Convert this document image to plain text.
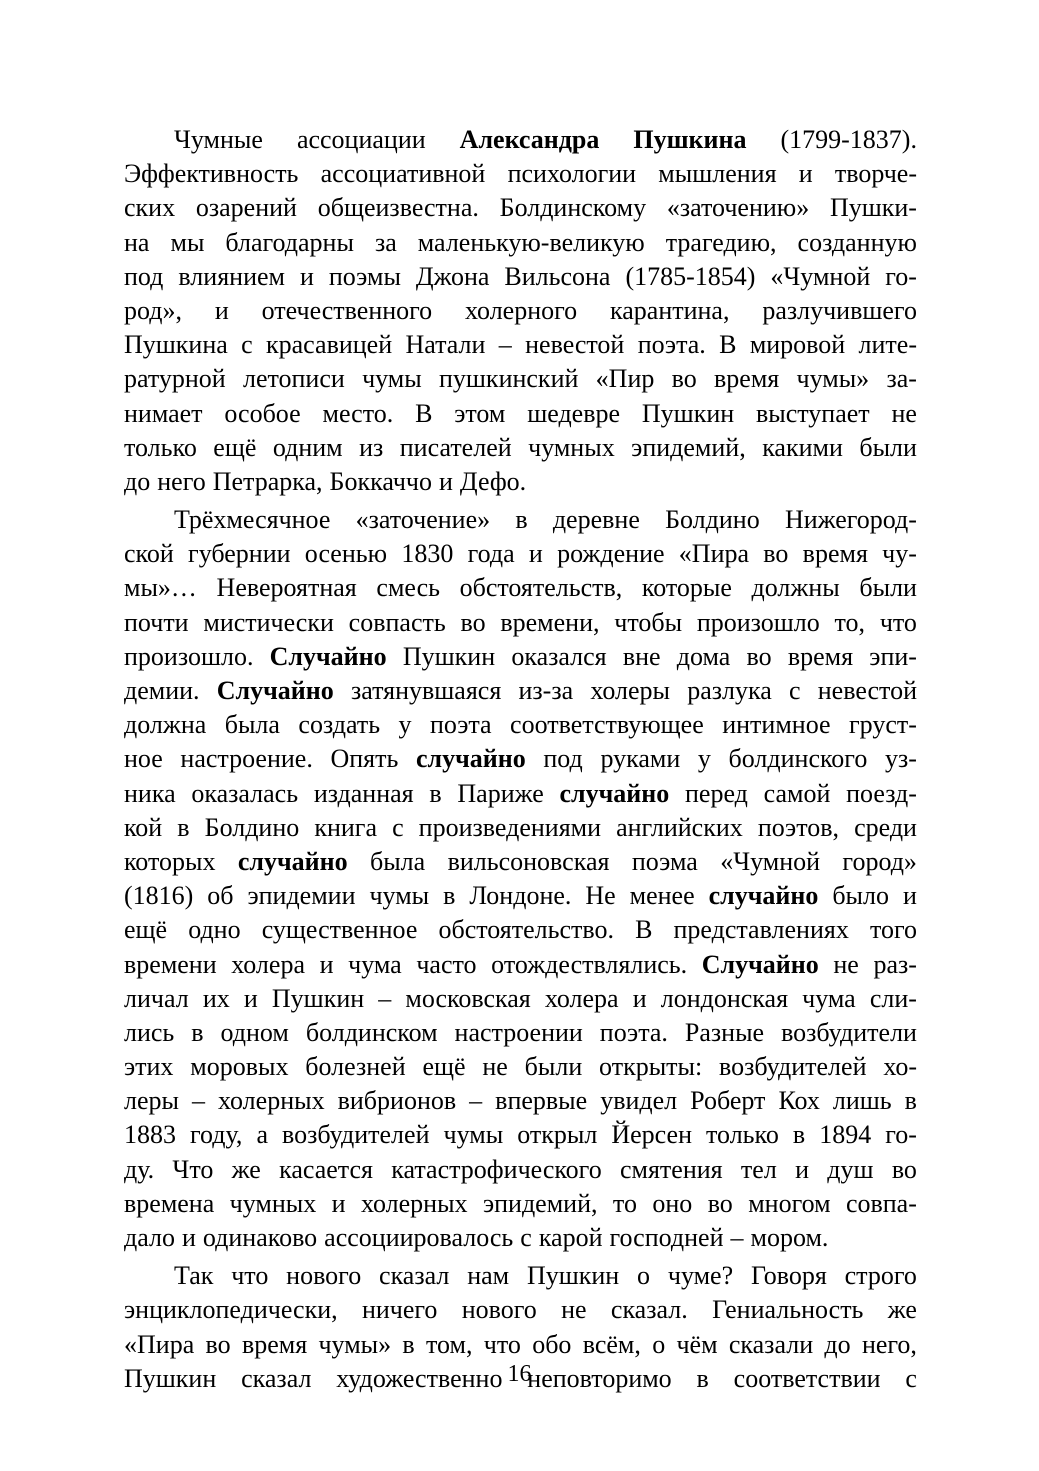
Чумные ассоциации Александра Пушкина (1799-1837).
Эффективность ассоциативной психологии мышления и творче-
ских озарений общеизвестна. Болдинскому «заточению» Пушки-
на мы благодарны за маленькую-великую трагедию, созданную
под влиянием и поэмы Джона Вильсона (1785-1854) «Чумной го-
род», и отечественного холерного карантина, разлучившего
Пушкина с красавицей Натали – невестой поэта. В мировой лите-
ратурной летописи чумы пушкинский «Пир во время чумы» за-
нимает особое место. В этом шедевре Пушкин выступает не
только ещё одним из писателей чумных эпидемий, какими были
до него Петрарка, Боккаччо и Дефо.
Трёхмесячное «заточение» в деревне Болдино Нижегород-
ской губернии осенью 1830 года и рождение «Пира во время чу-
мы»… Невероятная смесь обстоятельств, которые должны были
почти мистически совпасть во времени, чтобы произошло то, что
произошло. Случайно Пушкин оказался вне дома во время эпи-
демии. Случайно затянувшаяся из-за холеры разлука с невестой
должна была создать у поэта соответствующее интимное груст-
ное настроение. Опять случайно под руками у болдинского уз-
ника оказалась изданная в Париже случайно перед самой поезд-
кой в Болдино книга с произведениями английских поэтов, среди
которых случайно была вильсоновская поэма «Чумной город»
(1816) об эпидемии чумы в Лондоне. Не менее случайно было и
ещё одно существенное обстоятельство. В представлениях того
времени холера и чума часто отождествлялись. Случайно не раз-
личал их и Пушкин – московская холера и лондонская чума сли-
лись в одном болдинском настроении поэта. Разные возбудители
этих моровых болезней ещё не были открыты: возбудителей хо-
леры – холерных вибрионов – впервые увидел Роберт Кох лишь в
1883 году, а возбудителей чумы открыл Йерсен только в 1894 го-
ду. Что же касается катастрофического смятения тел и душ во
времена чумных и холерных эпидемий, то оно во многом совпа-
дало и одинаково ассоциировалось с карой господней – мором.
Так что нового сказал нам Пушкин о чуме? Говоря строго
энциклопедически, ничего нового не сказал. Гениальность же
«Пира во время чумы» в том, что обо всём, о чём сказали до него,
Пушкин сказал художественно неповторимо в соответствии с
16
